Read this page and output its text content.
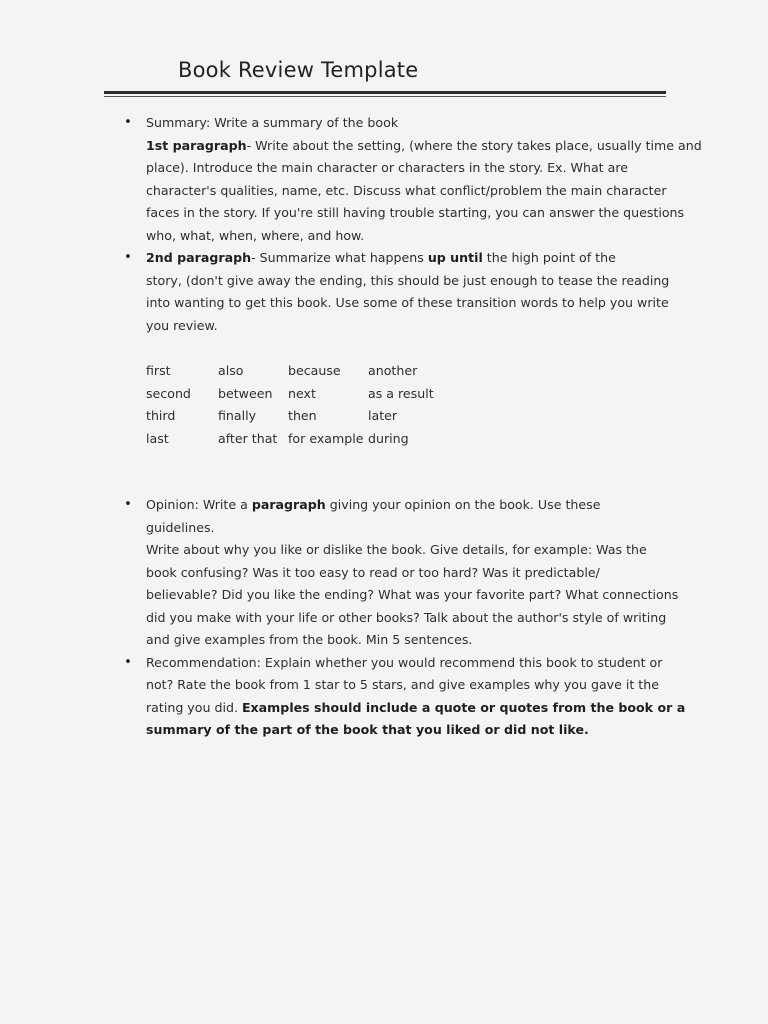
Book Review Template
• Summary: Write a summary of the book
1st paragraph- Write about the setting, (where the story takes place, usually time and
place). Introduce the main character or characters in the story. Ex. What are
character's qualities, name, etc. Discuss what conflict/problem the main character
faces in the story. If you're still having trouble starting, you can answer the questions
who, what, when, where, and how.
• 2nd paragraph- Summarize what happens up until the high point of the
story, (don't give away the ending, this should be just enough to tease the reading
into wanting to get this book. Use some of these transition words to help you write
you review.
first	also	because	another
second	between	next	as a result
third	finally	then	later
last	after that	for example	during
• Opinion: Write a paragraph giving your opinion on the book. Use these
guidelines.
Write about why you like or dislike the book. Give details, for example: Was the
book confusing? Was it too easy to read or too hard? Was it predictable/
believable? Did you like the ending? What was your favorite part? What connections
did you make with your life or other books? Talk about the author's style of writing
and give examples from the book. Min 5 sentences.
• Recommendation: Explain whether you would recommend this book to student or
not? Rate the book from 1 star to 5 stars, and give examples why you gave it the
rating you did. Examples should include a quote or quotes from the book or a
summary of the part of the book that you liked or did not like.
